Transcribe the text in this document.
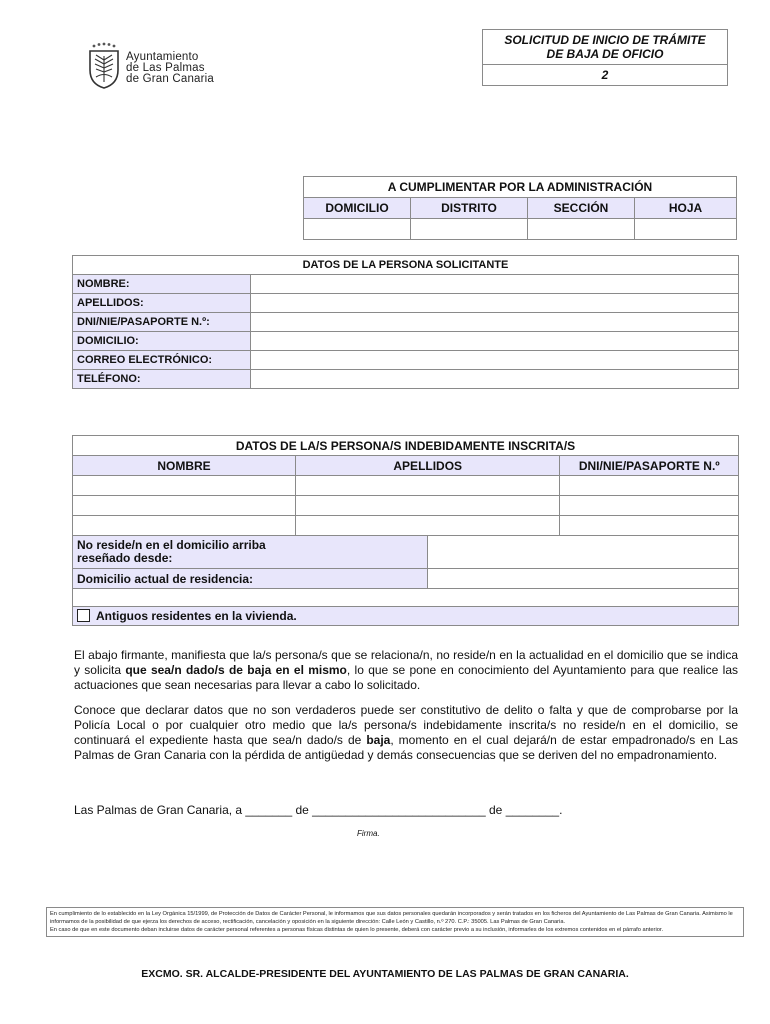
Ayuntamiento
de Las Palmas
de Gran Canaria
SOLICITUD DE INICIO DE TRÁMITE
DE BAJA DE OFICIO

2
A CUMPLIMENTAR POR LA ADMINISTRACIÓN			
DOMICILIO	DISTRITO	SECCIÓN	HOJA

DATOS DE LA PERSONA SOLICITANTE	
NOMBRE:	
APELLIDOS:	
DNI/NIE/PASAPORTE N.º:	
DOMICILIO:	
CORREO ELECTRÓNICO:	
TELÉFONO:	
DATOS DE LA/S PERSONA/S INDEBIDAMENTE INSCRITA/S			
NOMBRE	APELLIDOS		DNI/NIE/PASAPORTE N.º

No reside/n en el domicilio arriba
reseñado desde:			

Domicilio actual de residencia:			

Antiguos residentes en la vivienda.			
El abajo firmante, manifiesta que la/s persona/s que se relaciona/n, no reside/n en la actualidad en el domicilio que se indica y solicita que sea/n dado/s de baja en el mismo, lo que se pone en conocimiento del Ayuntamiento para que realice las actuaciones que sean necesarias para llevar a cabo lo solicitado.
Conoce que declarar datos que no son verdaderos puede ser constitutivo de delito o falta y que de comprobarse por la Policía Local o por cualquier otro medio que la/s persona/s indebidamente inscrita/s no reside/n en el domicilio, se continuará el expediente hasta que sea/n dado/s de baja, momento en el cual dejará/n de estar empadronado/s en Las Palmas de Gran Canaria con la pérdida de antigüedad y demás consecuencias que se deriven del no empadronamiento.
Las Palmas de Gran Canaria, a _______ de __________________________ de ________.
Firma.
En cumplimiento de lo establecido en la Ley Orgánica 15/1999, de Protección de Datos de Carácter Personal, le informamos que sus datos personales quedarán incorporados y serán tratados en los ficheros del Ayuntamiento de Las Palmas de Gran Canaria. Asimismo le informamos de la posibilidad de que ejerza los derechos de acceso, rectificación, cancelación y oposición en la siguiente dirección: Calle León y Castillo, n.º 270. C.P.: 35005. Las Palmas de Gran Canaria.
En caso de que en este documento deban incluirse datos de carácter personal referentes a personas físicas distintas de quien lo presente, deberá con carácter previo a su inclusión, informarles de los extremos contenidos en el párrafo anterior.
EXCMO. SR. ALCALDE-PRESIDENTE DEL AYUNTAMIENTO DE LAS PALMAS DE GRAN CANARIA.
